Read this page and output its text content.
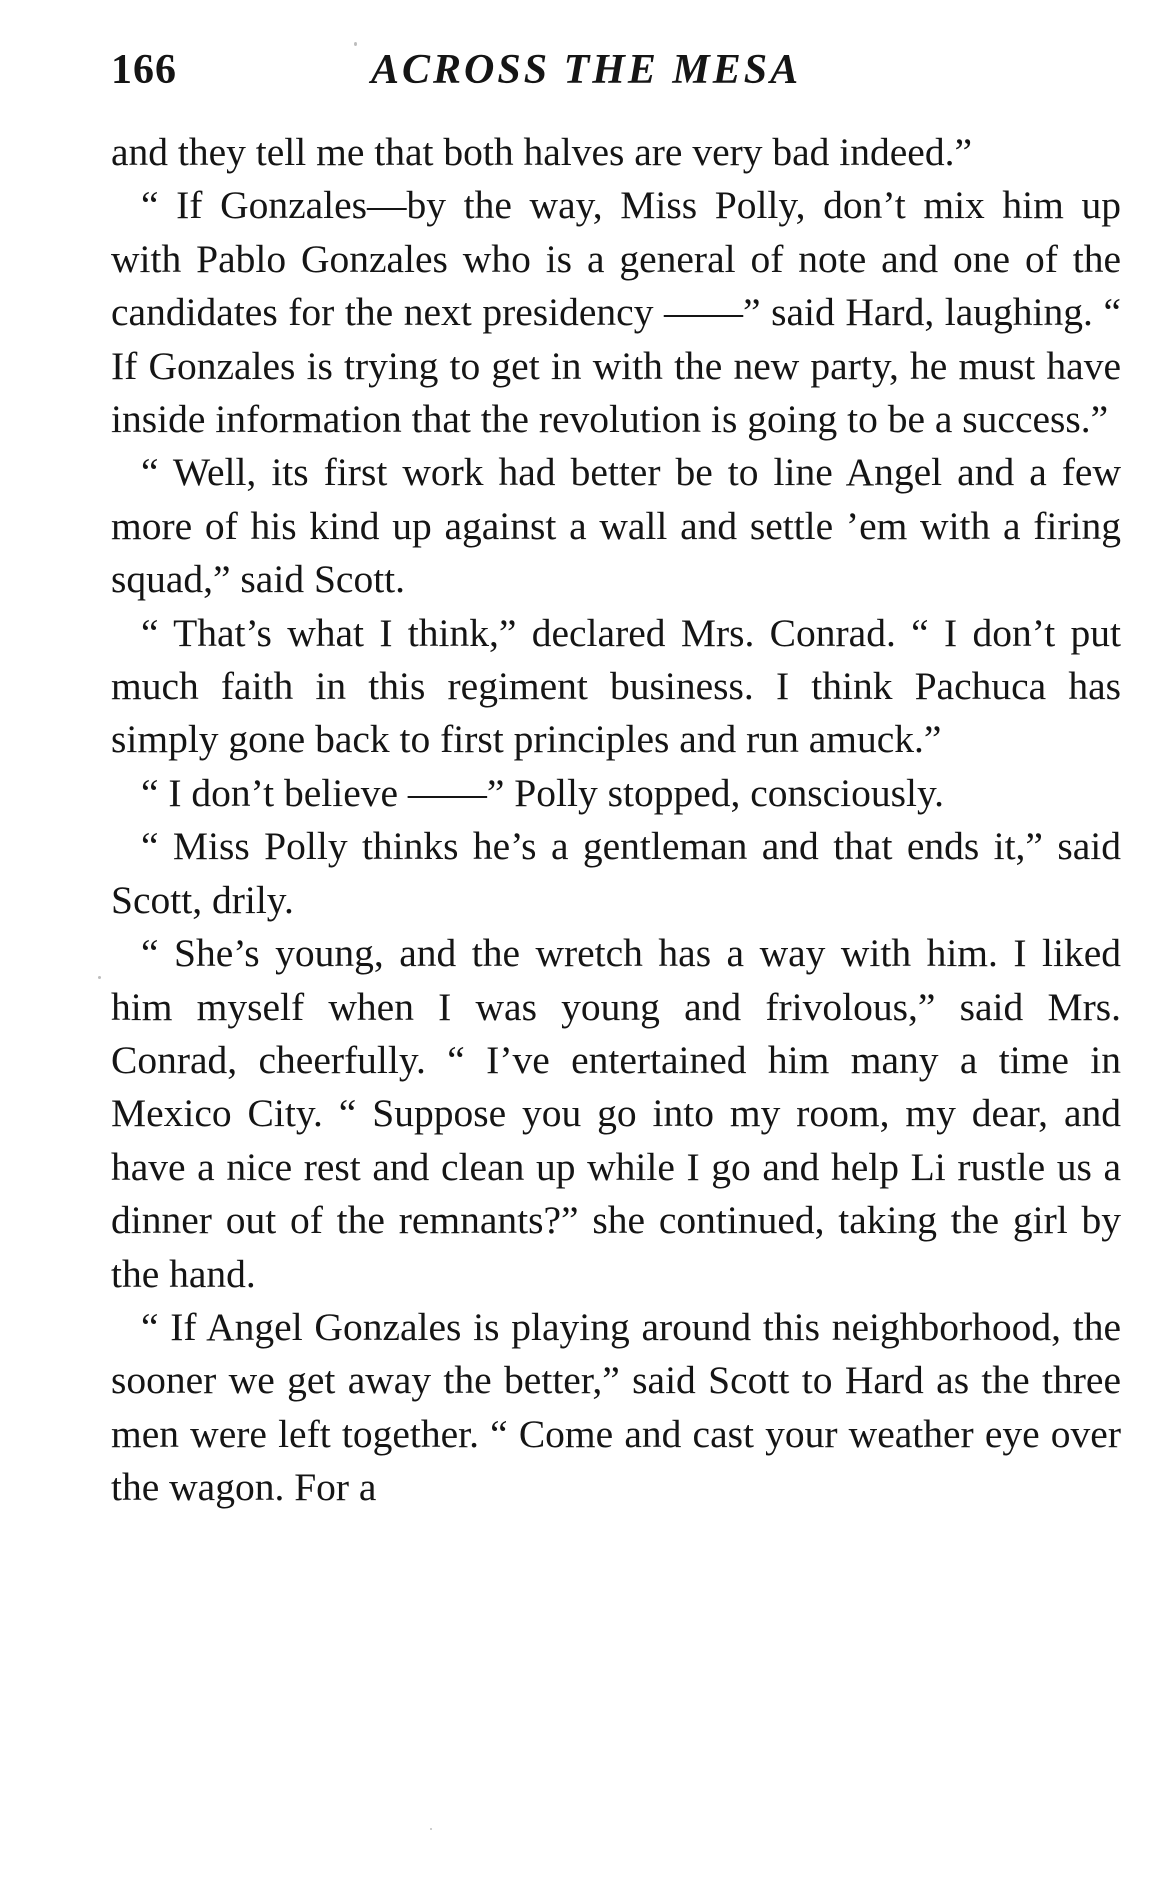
166	ACROSS THE MESA

and they tell me that both halves are very bad indeed.”

“ If Gonzales—by the way, Miss Polly, don’t mix him up with Pablo Gonzales who is a general of note and one of the candidates for the next presidency ——” said Hard, laughing. “ If Gonzales is trying to get in with the new party, he must have inside information that the revolution is going to be a success.”

“ Well, its first work had better be to line Angel and a few more of his kind up against a wall and settle ’em with a firing squad,” said Scott.

“ That’s what I think,” declared Mrs. Conrad. “ I don’t put much faith in this regiment business. I think Pachuca has simply gone back to first principles and run amuck.”

“ I don’t believe ——” Polly stopped, consciously.

“ Miss Polly thinks he’s a gentleman and that ends it,” said Scott, drily.

“ She’s young, and the wretch has a way with him. I liked him myself when I was young and frivolous,” said Mrs. Conrad, cheerfully. “ I’ve entertained him many a time in Mexico City. “ Suppose you go into my room, my dear, and have a nice rest and clean up while I go and help Li rustle us a dinner out of the remnants?” she continued, taking the girl by the hand.

“ If Angel Gonzales is playing around this neighborhood, the sooner we get away the better,” said Scott to Hard as the three men were left together. “ Come and cast your weather eye over the wagon. For a
